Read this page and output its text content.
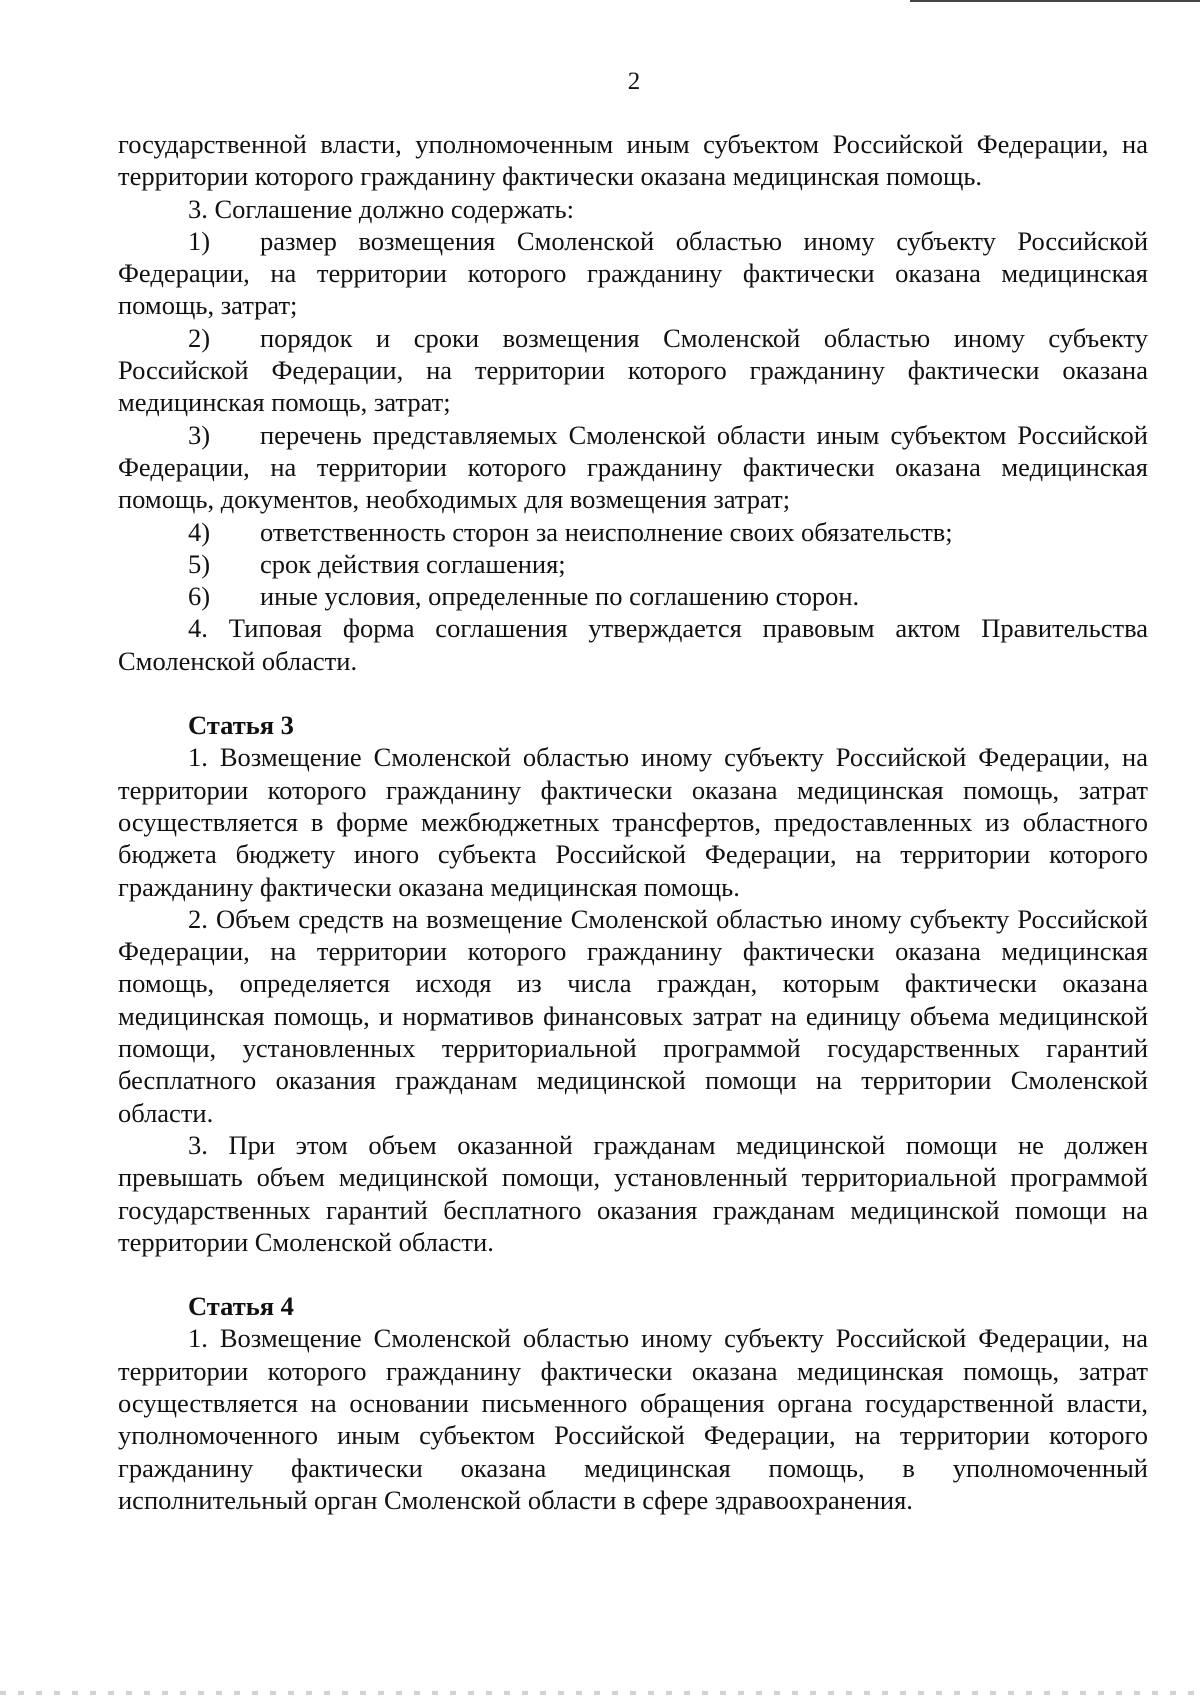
2

государственной власти, уполномоченным иным субъектом Российской Федерации, на территории которого гражданину фактически оказана медицинская помощь.

3. Соглашение должно содержать:

1) размер возмещения Смоленской областью иному субъекту Российской Федерации, на территории которого гражданину фактически оказана медицинская помощь, затрат;

2) порядок и сроки возмещения Смоленской областью иному субъекту Российской Федерации, на территории которого гражданину фактически оказана медицинская помощь, затрат;

3) перечень представляемых Смоленской области иным субъектом Российской Федерации, на территории которого гражданину фактически оказана медицинская помощь, документов, необходимых для возмещения затрат;

4) ответственность сторон за неисполнение своих обязательств;

5) срок действия соглашения;

6) иные условия, определенные по соглашению сторон.

4. Типовая форма соглашения утверждается правовым актом Правительства Смоленской области.

Статья 3

1. Возмещение Смоленской областью иному субъекту Российской Федерации, на территории которого гражданину фактически оказана медицинская помощь, затрат осуществляется в форме межбюджетных трансфертов, предоставленных из областного бюджета бюджету иного субъекта Российской Федерации, на территории которого гражданину фактически оказана медицинская помощь.

2. Объем средств на возмещение Смоленской областью иному субъекту Российской Федерации, на территории которого гражданину фактически оказана медицинская помощь, определяется исходя из числа граждан, которым фактически оказана медицинская помощь, и нормативов финансовых затрат на единицу объема медицинской помощи, установленных территориальной программой государственных гарантий бесплатного оказания гражданам медицинской помощи на территории Смоленской области.

3. При этом объем оказанной гражданам медицинской помощи не должен превышать объем медицинской помощи, установленный территориальной программой государственных гарантий бесплатного оказания гражданам медицинской помощи на территории Смоленской области.

Статья 4

1. Возмещение Смоленской областью иному субъекту Российской Федерации, на территории которого гражданину фактически оказана медицинская помощь, затрат осуществляется на основании письменного обращения органа государственной власти, уполномоченного иным субъектом Российской Федерации, на территории которого гражданину фактически оказана медицинская помощь, в уполномоченный исполнительный орган Смоленской области в сфере здравоохранения.
